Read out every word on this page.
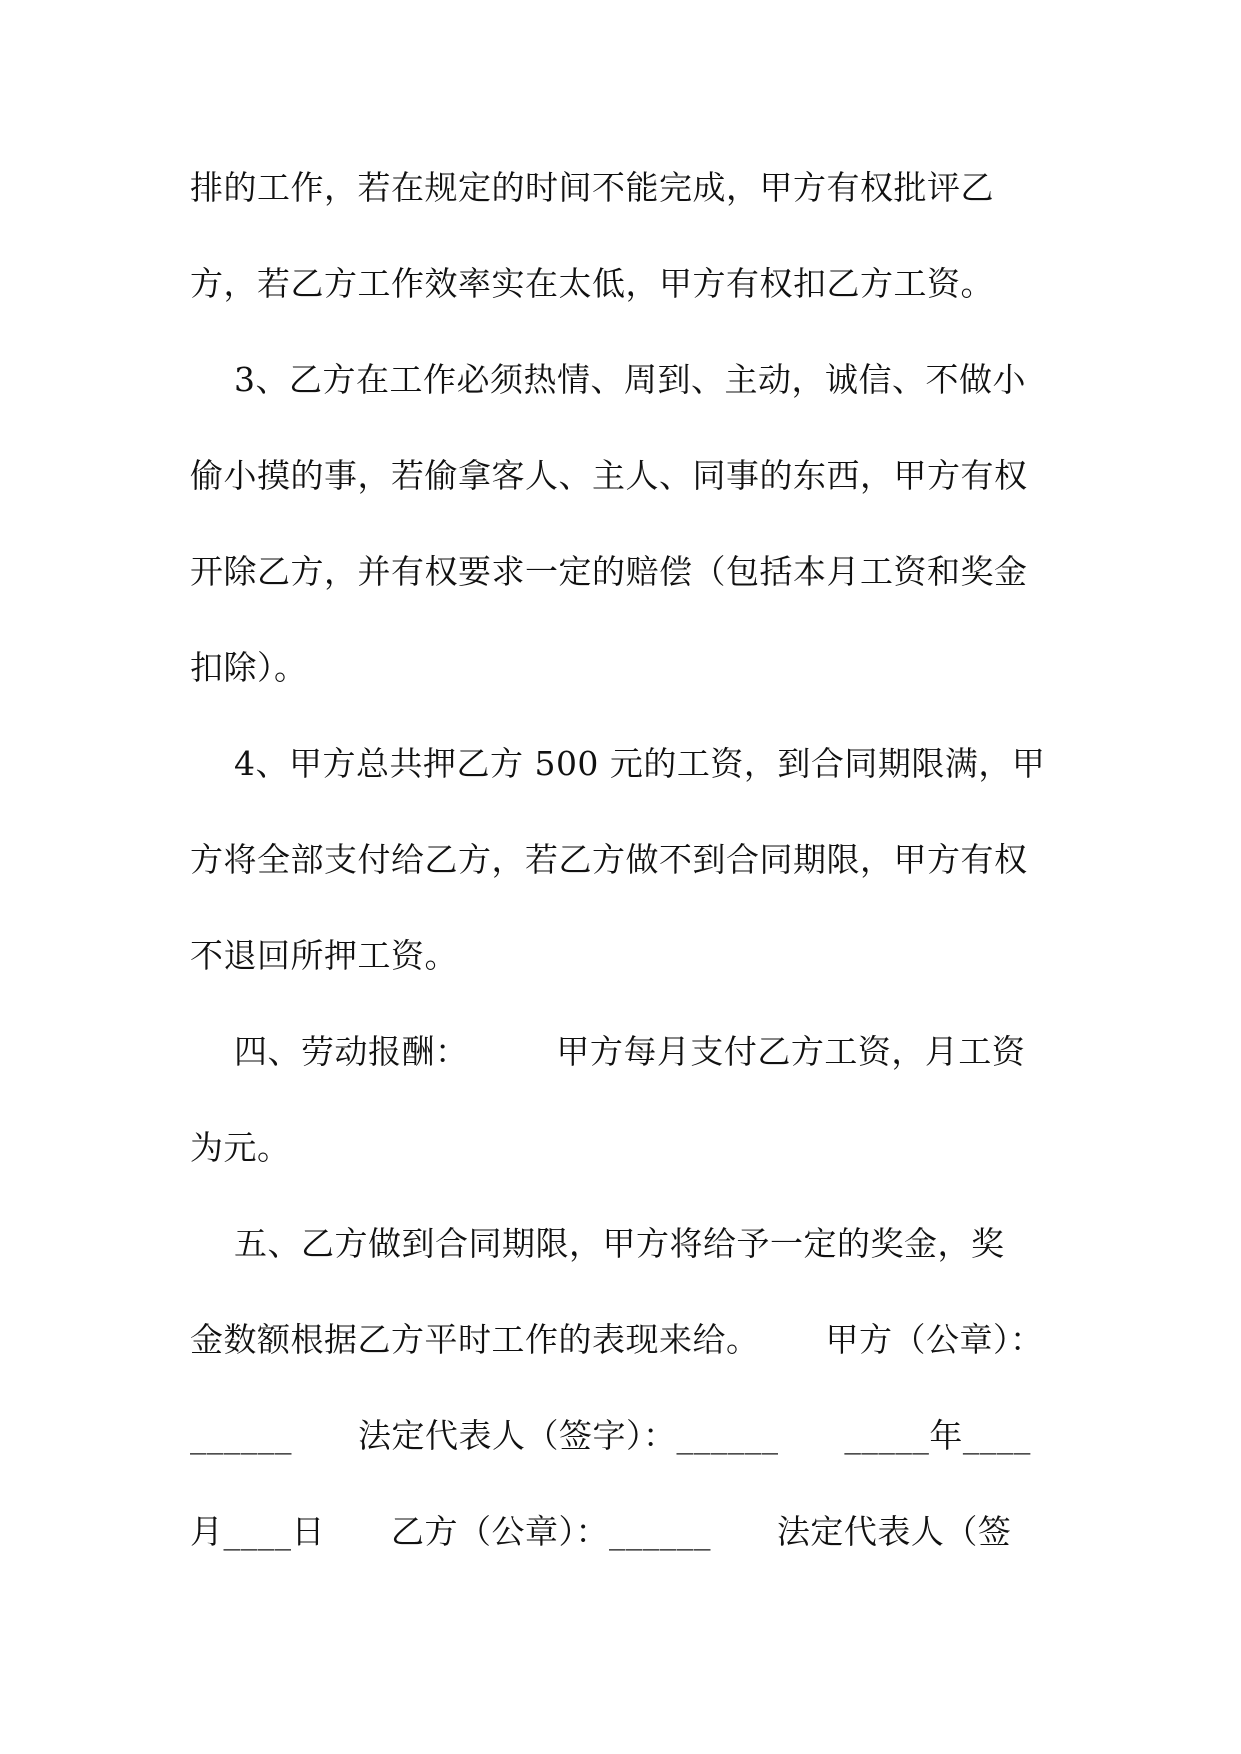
排的工作，若在规定的时间不能完成，甲方有权批评乙
方，若乙方工作效率实在太低，甲方有权扣乙方工资。
3、乙方在工作必须热情、周到、主动，诚信、不做小
偷小摸的事，若偷拿客人、主人、同事的东西，甲方有权
开除乙方，并有权要求一定的赔偿（包括本月工资和奖金
扣除）。
4、甲方总共押乙方 500 元的工资，到合同期限满，甲
方将全部支付给乙方，若乙方做不到合同期限，甲方有权
不退回所押工资。
四、劳动报酬：        甲方每月支付乙方工资，月工资
为元。
五、乙方做到合同期限，甲方将给予一定的奖金，奖
金数额根据乙方平时工作的表现来给。      甲方（公章）：
______      法定代表人（签字）：______      _____年____
月____日      乙方（公章）：______      法定代表人（签
